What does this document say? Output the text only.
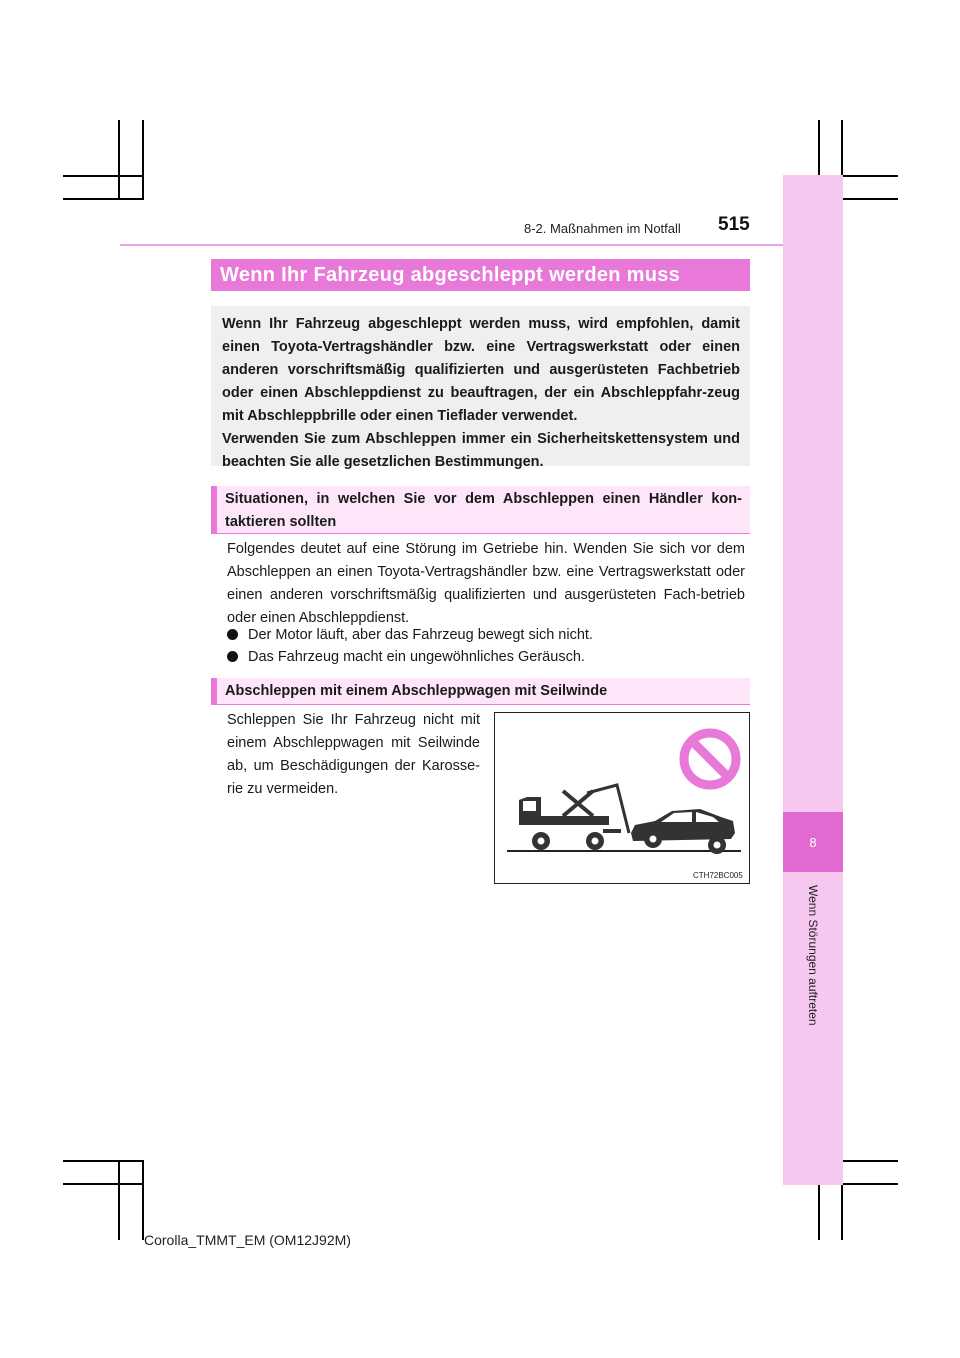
8
Wenn Störungen auftreten
8-2. Maßnahmen im Notfall 515
Wenn Ihr Fahrzeug abgeschleppt werden muss

Wenn Ihr Fahrzeug abgeschleppt werden muss, wird empfohlen, damit einen Toyota-Vertragshändler bzw. eine Vertragswerkstatt oder einen anderen vorschriftsmäßig qualifizierten und ausgerüsteten Fachbetrieb oder einen Abschleppdienst zu beauftragen, der ein Abschleppfahr-zeug mit Abschleppbrille oder einen Tieflader verwendet.

Verwenden Sie zum Abschleppen immer ein Sicherheitskettensystem und beachten Sie alle gesetzlichen Bestimmungen.

Situationen, in welchen Sie vor dem Abschleppen einen Händler kon-taktieren sollten

Folgendes deutet auf eine Störung im Getriebe hin. Wenden Sie sich vor dem Abschleppen an einen Toyota-Vertragshändler bzw. eine Vertragswerkstatt oder einen anderen vorschriftsmäßig qualifizierten und ausgerüsteten Fach-betrieb oder einen Abschleppdienst.

Der Motor läuft, aber das Fahrzeug bewegt sich nicht.
Das Fahrzeug macht ein ungewöhnliches Geräusch.

Abschleppen mit einem Abschleppwagen mit Seilwinde

Schleppen Sie Ihr Fahrzeug nicht mit einem Abschleppwagen mit Seilwinde ab, um Beschädigungen der Karosse-rie zu vermeiden.

CTH72BC005
Corolla_TMMT_EM (OM12J92M)
